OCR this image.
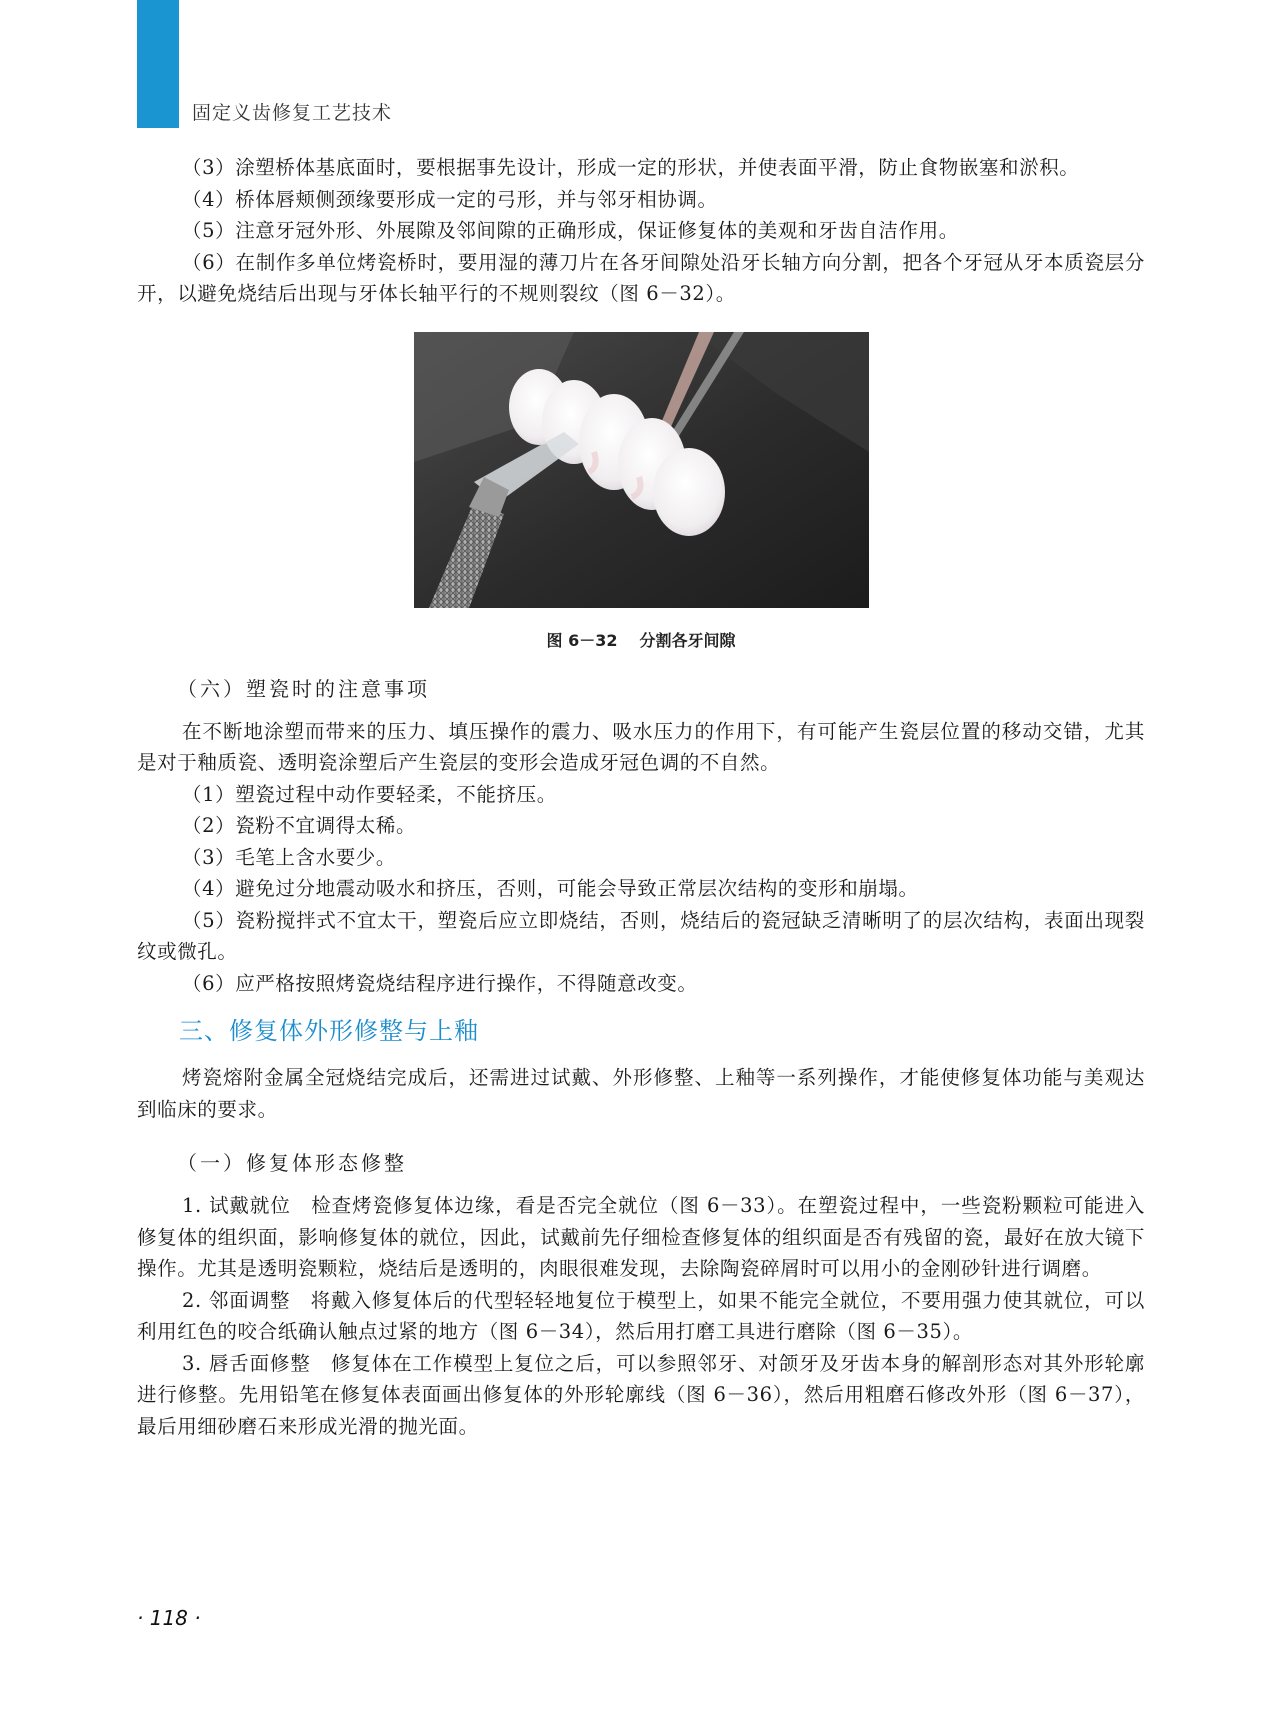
固定义齿修复工艺技术

（3）涂塑桥体基底面时，要根据事先设计，形成一定的形状，并使表面平滑，防止食物嵌塞和淤积。

（4）桥体唇颊侧颈缘要形成一定的弓形，并与邻牙相协调。

（5）注意牙冠外形、外展隙及邻间隙的正确形成，保证修复体的美观和牙齿自洁作用。

（6）在制作多单位烤瓷桥时，要用湿的薄刀片在各牙间隙处沿牙长轴方向分割，把各个牙冠从牙本质瓷层分开，以避免烧结后出现与牙体长轴平行的不规则裂纹（图 6－32）。

图 6－32 分割各牙间隙
（六）塑瓷时的注意事项

在不断地涂塑而带来的压力、填压操作的震力、吸水压力的作用下，有可能产生瓷层位置的移动交错，尤其是对于釉质瓷、透明瓷涂塑后产生瓷层的变形会造成牙冠色调的不自然。

（1）塑瓷过程中动作要轻柔，不能挤压。

（2）瓷粉不宜调得太稀。

（3）毛笔上含水要少。

（4）避免过分地震动吸水和挤压，否则，可能会导致正常层次结构的变形和崩塌。

（5）瓷粉搅拌式不宜太干，塑瓷后应立即烧结，否则，烧结后的瓷冠缺乏清晰明了的层次结构，表面出现裂纹或微孔。

（6）应严格按照烤瓷烧结程序进行操作，不得随意改变。

三、修复体外形修整与上釉

烤瓷熔附金属全冠烧结完成后，还需进过试戴、外形修整、上釉等一系列操作，才能使修复体功能与美观达到临床的要求。

（一）修复体形态修整

1. 试戴就位　检查烤瓷修复体边缘，看是否完全就位（图 6－33）。在塑瓷过程中，一些瓷粉颗粒可能进入修复体的组织面，影响修复体的就位，因此，试戴前先仔细检查修复体的组织面是否有残留的瓷，最好在放大镜下操作。尤其是透明瓷颗粒，烧结后是透明的，肉眼很难发现，去除陶瓷碎屑时可以用小的金刚砂针进行调磨。

2. 邻面调整　将戴入修复体后的代型轻轻地复位于模型上，如果不能完全就位，不要用强力使其就位，可以利用红色的咬合纸确认触点过紧的地方（图 6－34），然后用打磨工具进行磨除（图 6－35）。

3. 唇舌面修整　修复体在工作模型上复位之后，可以参照邻牙、对颌牙及牙齿本身的解剖形态对其外形轮廓进行修整。先用铅笔在修复体表面画出修复体的外形轮廓线（图 6－36），然后用粗磨石修改外形（图 6－37），最后用细砂磨石来形成光滑的抛光面。

· 118 ·
